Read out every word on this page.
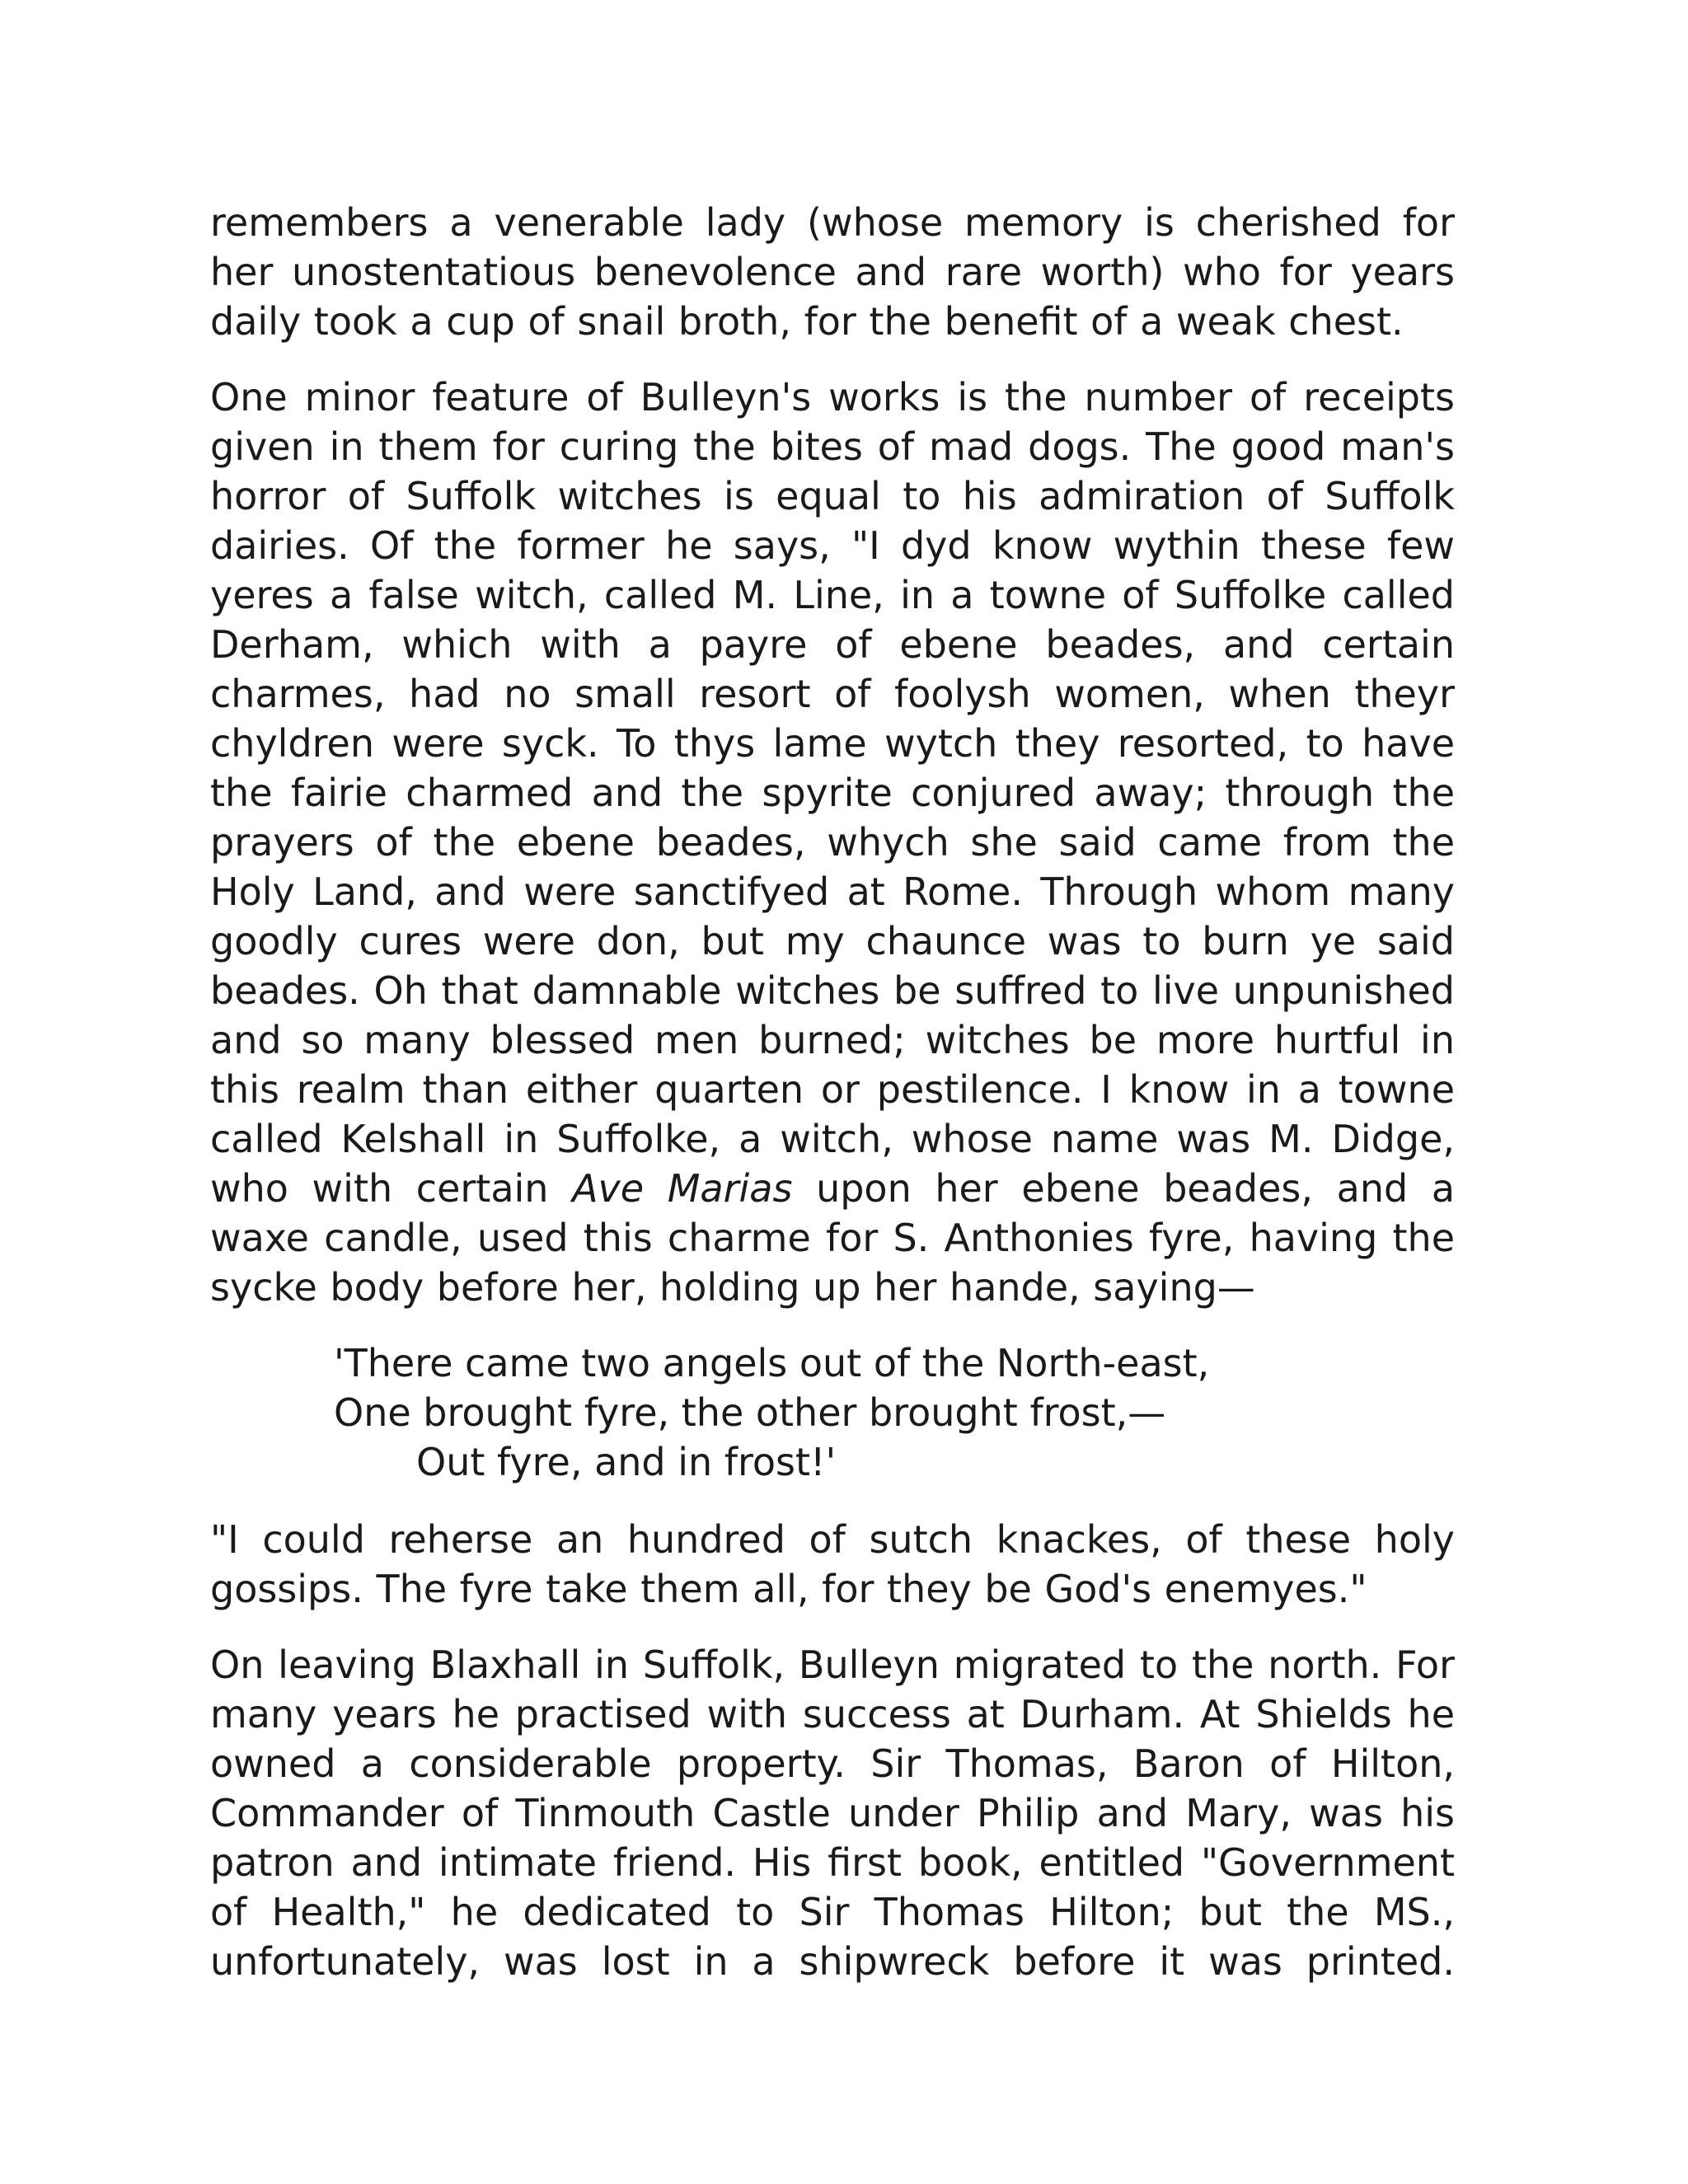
remembers a venerable lady (whose memory is cherished for her unostentatious benevolence and rare worth) who for years daily took a cup of snail broth, for the benefit of a weak chest.

One minor feature of Bulleyn's works is the number of receipts given in them for curing the bites of mad dogs. The good man's horror of Suffolk witches is equal to his admiration of Suffolk dairies. Of the former he says, "I dyd know wythin these few yeres a false witch, called M. Line, in a towne of Suffolke called Derham, which with a payre of ebene beades, and certain charmes, had no small resort of foolysh women, when theyr chyldren were syck. To thys lame wytch they resorted, to have the fairie charmed and the spyrite conjured away; through the prayers of the ebene beades, whych she said came from the Holy Land, and were sanctifyed at Rome. Through whom many goodly cures were don, but my chaunce was to burn ye said beades. Oh that damnable witches be suffred to live unpunished and so many blessed men burned; witches be more hurtful in this realm than either quarten or pestilence. I know in a towne called Kelshall in Suffolke, a witch, whose name was M. Didge, who with certain Ave Marias upon her ebene beades, and a waxe candle, used this charme for S. Anthonies fyre, having the sycke body before her, holding up her hande, saying—

'There came two angels out of the North-east,
One brought fyre, the other brought frost,—
Out fyre, and in frost!'

"I could reherse an hundred of sutch knackes, of these holy gossips. The fyre take them all, for they be God's enemyes."

On leaving Blaxhall in Suffolk, Bulleyn migrated to the north. For many years he practised with success at Durham. At Shields he owned a considerable property. Sir Thomas, Baron of Hilton, Commander of Tinmouth Castle under Philip and Mary, was his patron and intimate friend. His first book, entitled "Government of Health," he dedicated to Sir Thomas Hilton; but the MS., unfortunately, was lost in a shipwreck before it was printed.
